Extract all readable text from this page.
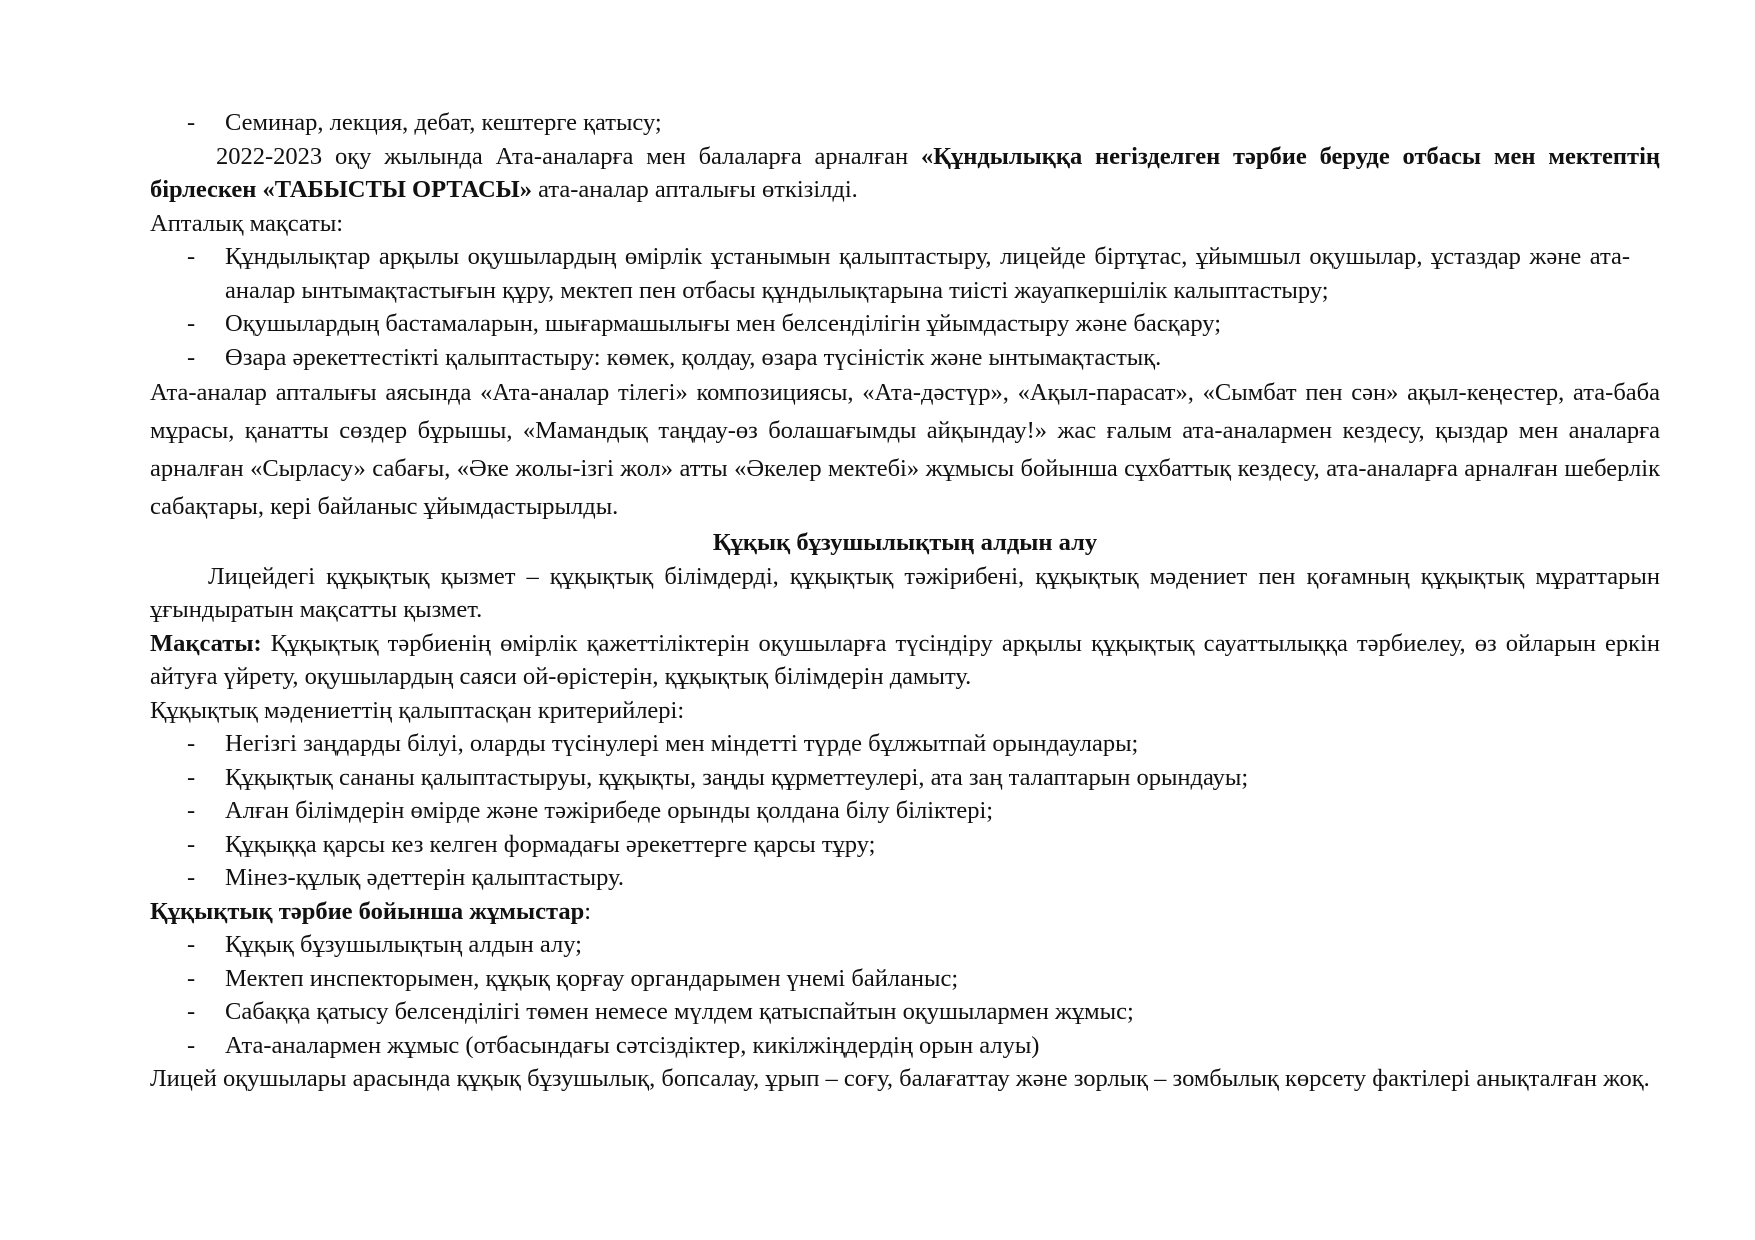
- Семинар, лекция, дебат, кештерге қатысу;

2022-2023 оқу жылында Ата-аналарға мен балаларға арналған «Құндылыққа негізделген тәрбие беруде отбасы мен мектептің бірлескен «ТАБЫСТЫ ОРТАСЫ» ата-аналар апталығы өткізілді.

Апталық мақсаты:

- Құндылықтар арқылы оқушылардың өмірлік ұстанымын қалыптастыру, лицейде біртұтас, ұйымшыл оқушылар, ұстаздар және ата-аналар ынтымақтастығын құру, мектеп пен отбасы құндылықтарына тиісті жауапкершілік калыптастыру;
- Оқушылардың бастамаларын, шығармашылығы мен белсенділігін ұйымдастыру және басқару;
- Өзара әрекеттестікті қалыптастыру: көмек, қолдау, өзара түсіністік және ынтымақтастық.

Ата-аналар апталығы аясында «Ата-аналар тілегі» композициясы, «Ата-дәстүр», «Ақыл-парасат», «Сымбат пен сән» ақыл-кеңестер, ата-баба мұрасы, қанатты сөздер бұрышы, «Мамандық таңдау-өз болашағымды айқындау!» жас ғалым ата-аналармен кездесу, қыздар мен аналарға арналған «Сырласу» сабағы, «Әке жолы-ізгі жол» атты «Әкелер мектебі» жұмысы бойынша сұхбаттық кездесу, ата-аналарға арналған шеберлік сабақтары, кері байланыс ұйымдастырылды.

Құқық бұзушылықтың алдын алу

Лицейдегі құқықтық қызмет – құқықтық білімдерді, құқықтық тәжірибені, құқықтық мәдениет пен қоғамның құқықтық мұраттарын ұғындыратын мақсатты қызмет.

Мақсаты: Құқықтық тәрбиенің өмірлік қажеттіліктерін оқушыларға түсіндіру арқылы құқықтық сауаттылыққа тәрбиелеу, өз ойларын еркін айтуға үйрету, оқушылардың саяси ой-өрістерін, құқықтық білімдерін дамыту.

Құқықтық мәдениеттің қалыптасқан критерийлері:

- Негізгі заңдарды білуі, оларды түсінулері мен міндетті түрде бұлжытпай орындаулары;
- Құқықтық сананы қалыптастыруы, құқықты, заңды құрметтеулері, ата заң талаптарын орындауы;
- Алған білімдерін өмірде және тәжірибеде орынды қолдана білу біліктері;
- Құқыққа қарсы кез келген формадағы әрекеттерге қарсы тұру;
- Мінез-құлық әдеттерін қалыптастыру.

Құқықтық тәрбие бойынша жұмыстар:

- Құқық бұзушылықтың алдын алу;
- Мектеп инспекторымен, құқық қорғау органдарымен үнемі байланыс;
- Сабаққа қатысу белсенділігі төмен немесе мүлдем қатыспайтын оқушылармен жұмыс;
- Ата-аналармен жұмыс (отбасындағы сәтсіздіктер, кикілжіңдердің орын алуы)

Лицей оқушылары арасында құқық бұзушылық, бопсалау, ұрып – соғу, балағаттау және зорлық – зомбылық көрсету фактілері анықталған жоқ.
